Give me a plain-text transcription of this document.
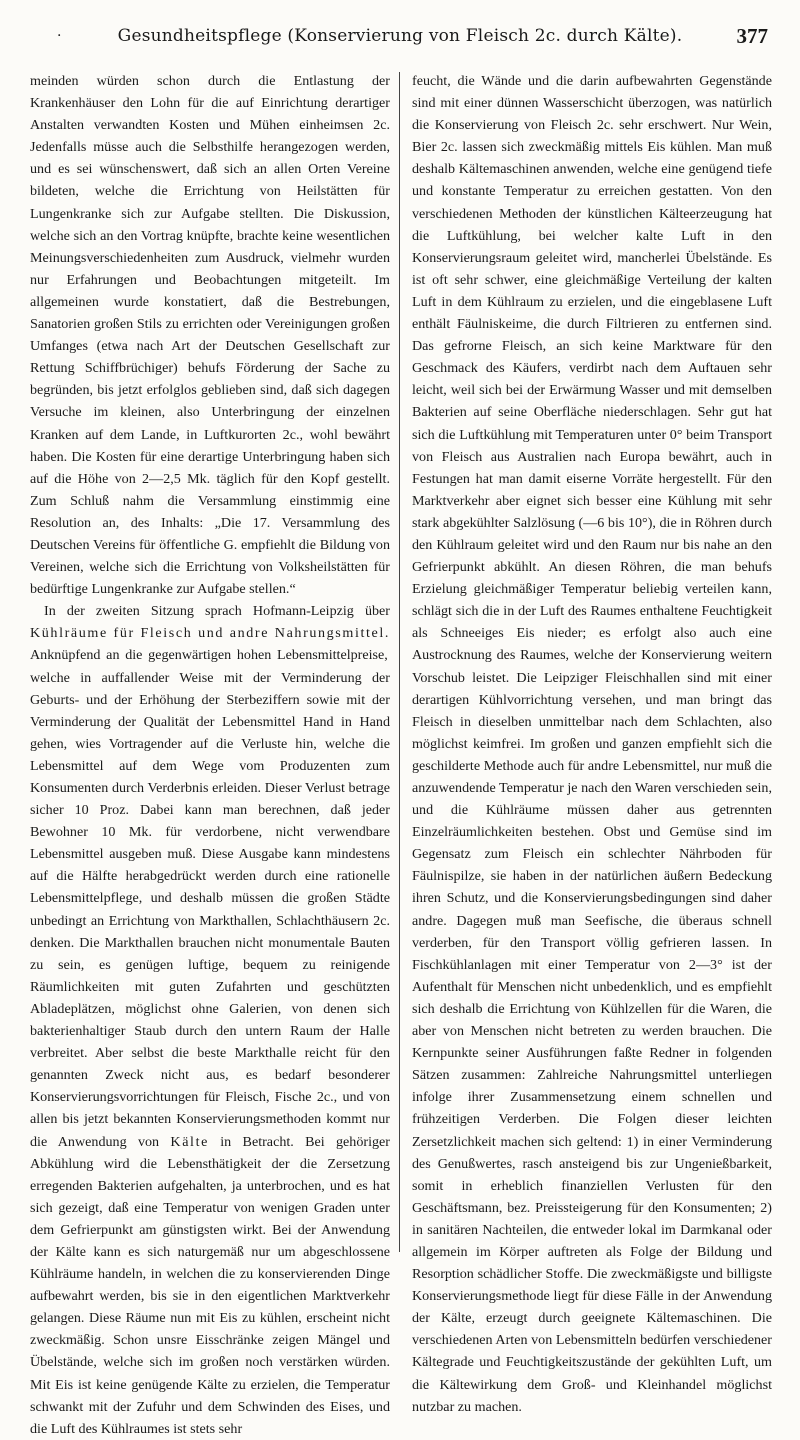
·	Gesundheitspflege (Konservierung von Fleisch 2c. durch Kälte).	377

meinden würden schon durch die Entlastung der Krankenhäuser den Lohn für die auf Einrichtung derartiger Anstalten verwandten Kosten und Mühen einheimsen 2c. Jedenfalls müsse auch die Selbsthilfe herangezogen werden, und es sei wünschenswert, daß sich an allen Orten Vereine bildeten, welche die Errichtung von Heilstätten für Lungenkranke sich zur Aufgabe stellten. Die Diskussion, welche sich an den Vortrag knüpfte, brachte keine wesentlichen Meinungsverschiedenheiten zum Ausdruck, vielmehr wurden nur Erfahrungen und Beobachtungen mitgeteilt. Im allgemeinen wurde konstatiert, daß die Bestrebungen, Sanatorien großen Stils zu errichten oder Vereinigungen großen Umfanges (etwa nach Art der Deutschen Gesellschaft zur Rettung Schiffbrüchiger) behufs Förderung der Sache zu begründen, bis jetzt erfolglos geblieben sind, daß sich dagegen Versuche im kleinen, also Unterbringung der einzelnen Kranken auf dem Lande, in Luftkurorten 2c., wohl bewährt haben. Die Kosten für eine derartige Unterbringung haben sich auf die Höhe von 2—2,5 Mk. täglich für den Kopf gestellt. Zum Schluß nahm die Versammlung einstimmig eine Resolution an, des Inhalts: „Die 17. Versammlung des Deutschen Vereins für öffentliche G. empfiehlt die Bildung von Vereinen, welche sich die Errichtung von Volksheilstätten für bedürftige Lungenkranke zur Aufgabe stellen.“

In der zweiten Sitzung sprach Hofmann-Leipzig über Kühlräume für Fleisch und andre Nahrungsmittel. Anknüpfend an die gegenwärtigen hohen Lebensmittelpreise, welche in auffallender Weise mit der Verminderung der Geburts- und der Erhöhung der Sterbeziffern sowie mit der Verminderung der Qualität der Lebensmittel Hand in Hand gehen, wies Vortragender auf die Verluste hin, welche die Lebensmittel auf dem Wege vom Produzenten zum Konsumenten durch Verderbnis erleiden. Dieser Verlust betrage sicher 10 Proz. Dabei kann man berechnen, daß jeder Bewohner 10 Mk. für verdorbene, nicht verwendbare Lebensmittel ausgeben muß. Diese Ausgabe kann mindestens auf die Hälfte herabgedrückt werden durch eine rationelle Lebensmittelpflege, und deshalb müssen die großen Städte unbedingt an Errichtung von Markthallen, Schlachthäusern 2c. denken. Die Markthallen brauchen nicht monumentale Bauten zu sein, es genügen luftige, bequem zu reinigende Räumlichkeiten mit guten Zufahrten und geschützten Abladeplätzen, möglichst ohne Galerien, von denen sich bakterienhaltiger Staub durch den untern Raum der Halle verbreitet. Aber selbst die beste Markthalle reicht für den genannten Zweck nicht aus, es bedarf besonderer Konservierungsvorrichtungen für Fleisch, Fische 2c., und von allen bis jetzt bekannten Konservierungsmethoden kommt nur die Anwendung von Kälte in Betracht. Bei gehöriger Abkühlung wird die Lebensthätigkeit der die Zersetzung erregenden Bakterien aufgehalten, ja unterbrochen, und es hat sich gezeigt, daß eine Temperatur von wenigen Graden unter dem Gefrierpunkt am günstigsten wirkt. Bei der Anwendung der Kälte kann es sich naturgemäß nur um abgeschlossene Kühlräume handeln, in welchen die zu konservierenden Dinge aufbewahrt werden, bis sie in den eigentlichen Marktverkehr gelangen. Diese Räume nun mit Eis zu kühlen, erscheint nicht zweckmäßig. Schon unsre Eisschränke zeigen Mängel und Übelstände, welche sich im großen noch verstärken würden. Mit Eis ist keine genügende Kälte zu erzielen, die Temperatur schwankt mit der Zufuhr und dem Schwinden des Eises, und die Luft des Kühlraumes ist stets sehr

feucht, die Wände und die darin aufbewahrten Gegenstände sind mit einer dünnen Wasserschicht überzogen, was natürlich die Konservierung von Fleisch 2c. sehr erschwert. Nur Wein, Bier 2c. lassen sich zweckmäßig mittels Eis kühlen. Man muß deshalb Kältemaschinen anwenden, welche eine genügend tiefe und konstante Temperatur zu erreichen gestatten. Von den verschiedenen Methoden der künstlichen Kälteerzeugung hat die Luftkühlung, bei welcher kalte Luft in den Konservierungsraum geleitet wird, mancherlei Übelstände. Es ist oft sehr schwer, eine gleichmäßige Verteilung der kalten Luft in dem Kühlraum zu erzielen, und die eingeblasene Luft enthält Fäulniskeime, die durch Filtrieren zu entfernen sind. Das gefrorne Fleisch, an sich keine Marktware für den Geschmack des Käufers, verdirbt nach dem Auftauen sehr leicht, weil sich bei der Erwärmung Wasser und mit demselben Bakterien auf seine Oberfläche niederschlagen. Sehr gut hat sich die Luftkühlung mit Temperaturen unter 0° beim Transport von Fleisch aus Australien nach Europa bewährt, auch in Festungen hat man damit eiserne Vorräte hergestellt. Für den Marktverkehr aber eignet sich besser eine Kühlung mit sehr stark abgekühlter Salzlösung (—6 bis 10°), die in Röhren durch den Kühlraum geleitet wird und den Raum nur bis nahe an den Gefrierpunkt abkühlt. An diesen Röhren, die man behufs Erzielung gleichmäßiger Temperatur beliebig verteilen kann, schlägt sich die in der Luft des Raumes enthaltene Feuchtigkeit als Schneeiges Eis nieder; es erfolgt also auch eine Austrocknung des Raumes, welche der Konservierung weitern Vorschub leistet. Die Leipziger Fleischhallen sind mit einer derartigen Kühlvorrichtung versehen, und man bringt das Fleisch in dieselben unmittelbar nach dem Schlachten, also möglichst keimfrei. Im großen und ganzen empfiehlt sich die geschilderte Methode auch für andre Lebensmittel, nur muß die anzuwendende Temperatur je nach den Waren verschieden sein, und die Kühlräume müssen daher aus getrennten Einzelräumlichkeiten bestehen. Obst und Gemüse sind im Gegensatz zum Fleisch ein schlechter Nährboden für Fäulnispilze, sie haben in der natürlichen äußern Bedeckung ihren Schutz, und die Konservierungsbedingungen sind daher andre. Dagegen muß man Seefische, die überaus schnell verderben, für den Transport völlig gefrieren lassen. In Fischkühlanlagen mit einer Temperatur von 2—3° ist der Aufenthalt für Menschen nicht unbedenklich, und es empfiehlt sich deshalb die Errichtung von Kühlzellen für die Waren, die aber von Menschen nicht betreten zu werden brauchen. Die Kernpunkte seiner Ausführungen faßte Redner in folgenden Sätzen zusammen: Zahlreiche Nahrungsmittel unterliegen infolge ihrer Zusammensetzung einem schnellen und frühzeitigen Verderben. Die Folgen dieser leichten Zersetzlichkeit machen sich geltend: 1) in einer Verminderung des Genußwertes, rasch ansteigend bis zur Ungenießbarkeit, somit in erheblich finanziellen Verlusten für den Geschäftsmann, bez. Preissteigerung für den Konsumenten; 2) in sanitären Nachteilen, die entweder lokal im Darmkanal oder allgemein im Körper auftreten als Folge der Bildung und Resorption schädlicher Stoffe. Die zweckmäßigste und billigste Konservierungsmethode liegt für diese Fälle in der Anwendung der Kälte, erzeugt durch geeignete Kältemaschinen. Die verschiedenen Arten von Lebensmitteln bedürfen verschiedener Kältegrade und Feuchtigkeitszustände der gekühlten Luft, um die Kältewirkung dem Groß- und Kleinhandel möglichst nutzbar zu machen.
